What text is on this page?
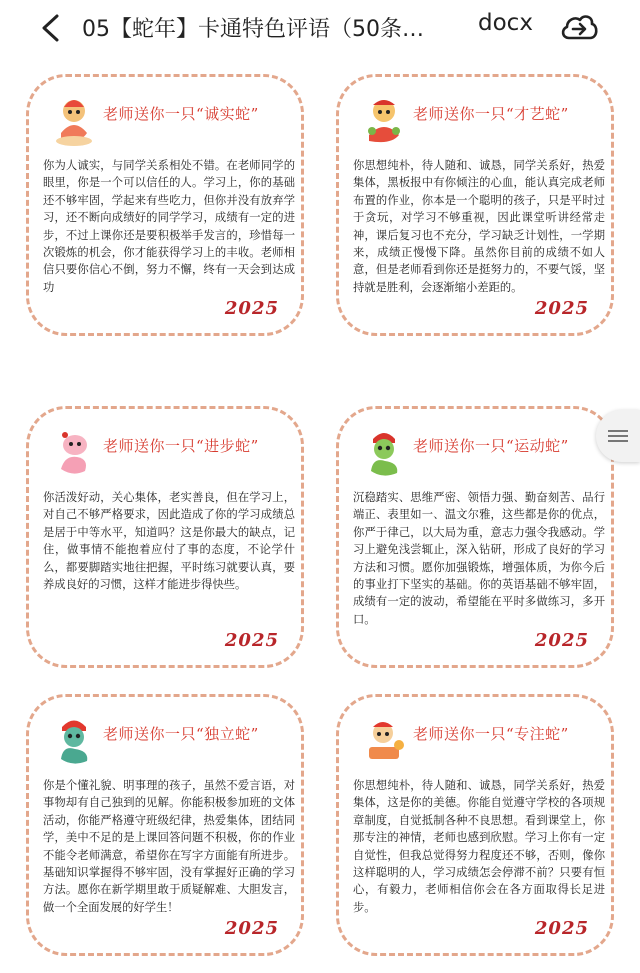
05【蛇年】卡通特色评语（50条… docx
老师送你一只“诚实蛇”
你为人诚实，与同学关系相处不错。在老师同学的眼里，你是一个可以信任的人。学习上，你的基础还不够牢固，学起来有些吃力，但你并没有放弃学习，还不断向成绩好的同学学习，成绩有一定的进步，不过上课你还是要积极举手发言的，珍惜每一次锻炼的机会，你才能获得学习上的丰收。老师相信只要你信心不倒，努力不懈，终有一天会到达成功
2025
老师送你一只“才艺蛇”
你思想纯朴，待人随和、诚恳，同学关系好，热爱集体，黑板报中有你倾注的心血，能认真完成老师布置的作业，你本是一个聪明的孩子，只是平时过于贪玩，对学习不够重视，因此课堂听讲经常走神，课后复习也不充分，学习缺乏计划性，一学期来，成绩正慢慢下降。虽然你目前的成绩不如人意，但是老师看到你还是挺努力的，不要气馁，坚持就是胜利，会逐渐缩小差距的。
2025
老师送你一只“进步蛇”
你活泼好动，关心集体，老实善良，但在学习上，对自己不够严格要求，因此造成了你的学习成绩总是居于中等水平，知道吗？这是你最大的缺点，记住，做事情不能抱着应付了事的态度，不论学什么，都要脚踏实地往把握，平时练习就要认真，要养成良好的习惯，这样才能进步得快些。
2025
老师送你一只“运动蛇”
沉稳踏实、思维严密、领悟力强、勤奋刻苦、品行端正、表里如一、温文尔雅，这些都是你的优点，你严于律己，以大局为重，意志力强令我感动。学习上避免浅尝辄止，深入钻研，形成了良好的学习方法和习惯。愿你加强锻炼，增强体质，为你今后的事业打下坚实的基础。你的英语基础不够牢固，成绩有一定的波动，希望能在平时多做练习，多开口。
2025
老师送你一只“独立蛇”
你是个懂礼貌、明事理的孩子，虽然不爱言语，对事物却有自己独到的见解。你能积极参加班的文体活动，你能严格遵守班级纪律，热爱集体，团结同学，美中不足的是上课回答问题不积极，你的作业不能令老师满意，希望你在写字方面能有所进步。基础知识掌握得不够牢固，没有掌握好正确的学习方法。愿你在新学期里敢于质疑解难、大胆发言，做一个全面发展的好学生！
2025
老师送你一只“专注蛇”
你思想纯朴，待人随和、诚恳，同学关系好，热爱集体，这是你的美德。你能自觉遵守学校的各项规章制度，自觉抵制各种不良思想。看到课堂上，你那专注的神情，老师也感到欣慰。学习上你有一定自觉性，但我总觉得努力程度还不够，否则，像你这样聪明的人，学习成绩怎会停滞不前？只要有恒心，有毅力，老师相信你会在各方面取得长足进步。
2025
